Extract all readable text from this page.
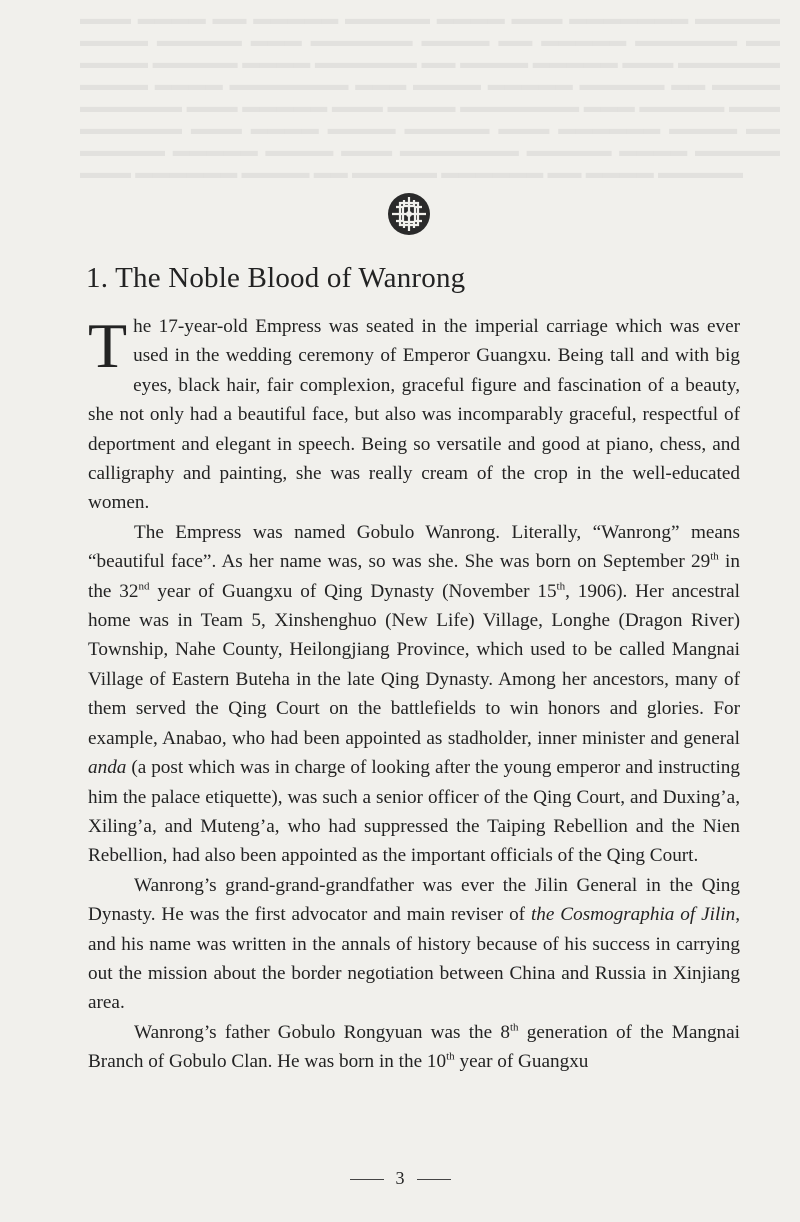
▬▬▬ ▬▬▬▬ ▬▬ ▬▬▬▬▬ ▬▬▬▬▬ ▬▬▬▬ ▬▬▬ ▬▬▬▬▬▬▬ ▬▬▬▬▬ ▬▬▬▬ ▬▬▬▬▬ ▬▬▬ ▬▬▬▬▬▬ ▬▬▬▬ ▬▬ ▬▬▬▬▬ ▬▬▬▬▬▬ ▬▬ ▬▬▬▬ ▬▬▬▬▬ ▬▬▬▬ ▬▬▬▬▬▬ ▬▬ ▬▬▬▬ ▬▬▬▬▬ ▬▬▬ ▬▬▬▬▬▬ ▬▬▬▬ ▬▬▬▬ ▬▬▬▬▬▬▬ ▬▬▬ ▬▬▬▬ ▬▬▬▬▬ ▬▬▬▬▬ ▬▬ ▬▬▬▬ ▬▬▬▬▬▬ ▬▬▬ ▬▬▬▬▬ ▬▬▬ ▬▬▬▬ ▬▬▬▬▬▬▬ ▬▬▬ ▬▬▬▬▬ ▬▬▬ ▬▬▬▬▬▬ ▬▬▬ ▬▬▬▬ ▬▬▬▬ ▬▬▬▬▬ ▬▬▬ ▬▬▬▬▬▬ ▬▬▬▬ ▬▬ ▬▬▬▬▬ ▬▬▬▬▬ ▬▬▬▬ ▬▬▬ ▬▬▬▬▬▬▬ ▬▬▬▬▬ ▬▬▬▬ ▬▬▬▬▬ ▬▬▬ ▬▬▬▬▬▬ ▬▬▬▬ ▬▬ ▬▬▬▬▬ ▬▬▬▬▬▬ ▬▬ ▬▬▬▬ ▬▬▬▬▬
1. The Noble Blood of Wanrong

The 17-year-old Empress was seated in the imperial carriage which was ever used in the wedding ceremony of Emperor Guangxu. Being tall and with big eyes, black hair, fair complexion, graceful figure and fascination of a beauty, she not only had a beautiful face, but also was incomparably graceful, respectful of deportment and elegant in speech. Being so versatile and good at piano, chess, and calligraphy and painting, she was really cream of the crop in the well-educated women.

The Empress was named Gobulo Wanrong. Literally, “Wanrong” means “beautiful face”. As her name was, so was she. She was born on September 29th in the 32nd year of Guangxu of Qing Dynasty (November 15th, 1906). Her ancestral home was in Team 5, Xinshenghuo (New Life) Village, Longhe (Dragon River) Township, Nahe County, Heilongjiang Province, which used to be called Mangnai Village of Eastern Buteha in the late Qing Dynasty. Among her ancestors, many of them served the Qing Court on the battlefields to win honors and glories. For example, Anabao, who had been appointed as stadholder, inner minister and general anda (a post which was in charge of looking after the young emperor and instructing him the palace etiquette), was such a senior officer of the Qing Court, and Duxing’a, Xiling’a, and Muteng’a, who had suppressed the Taiping Rebellion and the Nien Rebellion, had also been appointed as the important officials of the Qing Court.

Wanrong’s grand-grand-grandfather was ever the Jilin General in the Qing Dynasty. He was the first advocator and main reviser of the Cosmographia of Jilin, and his name was written in the annals of history because of his success in carrying out the mission about the border negotiation between China and Russia in Xinjiang area.

Wanrong’s father Gobulo Rongyuan was the 8th generation of the Mangnai Branch of Gobulo Clan. He was born in the 10th year of Guangxu

3
